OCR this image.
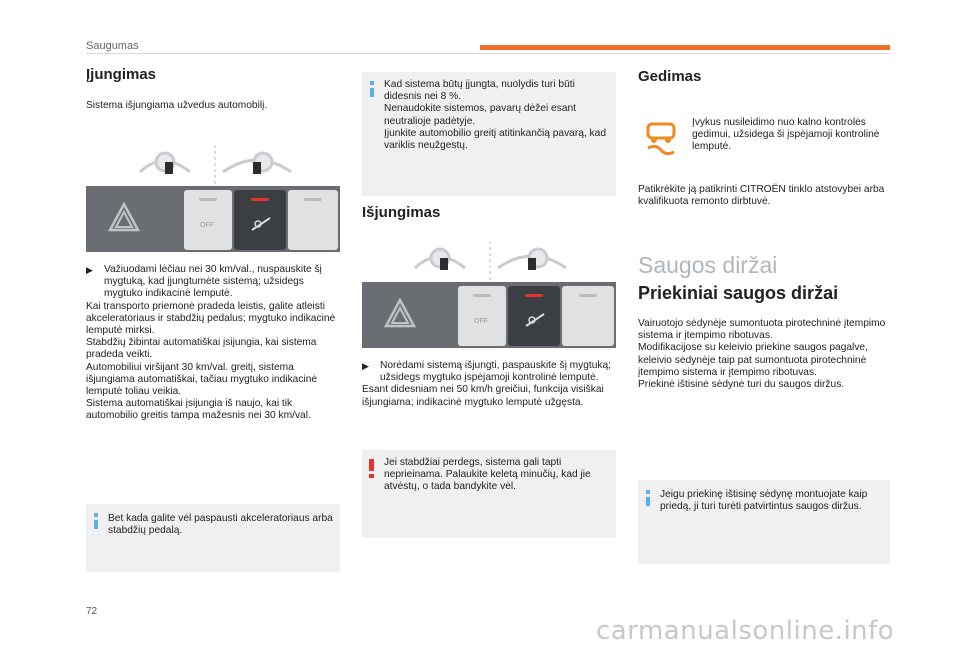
Saugumas
Įjungimas

Sistema išjungiama užvedus automobilį.

OFF

▶ Važiuodami lėčiau nei 30 km/val., nuspauskite šį mygtuką, kad įjungtumėte sistemą; užsidegs mygtuko indikacinė lemputė.

Kai transporto priemonė pradeda leistis, galite atleisti akceleratoriaus ir stabdžių pedalus; mygtuko indikacinė lemputė mirksi.

Stabdžių žibintai automatiškai įsijungia, kai sistema pradeda veikti.

Automobiliui viršijant 30 km/val. greitį, sistema išjungiama automatiškai, tačiau mygtuko indikacinė lemputė toliau veikia.

Sistema automatiškai įsijungia iš naujo, kai tik automobilio greitis tampa mažesnis nei 30 km/val.

Bet kada galite vėl paspausti akceleratoriaus arba stabdžių pedalą.

Kad sistema būtų įjungta, nuolydis turi būti didesnis nei 8 %.

Nenaudokite sistemos, pavarų dėžei esant neutralioje padėtyje.

Įjunkite automobilio greitį atitinkančią pavarą, kad variklis neužgestų.

Išjungimas
OFF

▶ Norėdami sistemą išjungti, paspauskite šį mygtuką; užsidegs mygtuko įspėjamoji kontrolinė lemputė.

Esant didesniam nei 50 km/h greičiui, funkcija visiškai išjungiama; indikacinė mygtuko lemputė užgęsta.

Jei stabdžiai perdegs, sistema gali tapti neprieinama. Palaukite keletą minučių, kad jie atvėstų, o tada bandykite vėl.

Gedimas

Įvykus nusileidimo nuo kalno kontrolės gedimui, užsidega ši įspėjamoji kontrolinė lemputė.

Patikrėkite ją patikrinti CITROËN tinklo atstovybei arba kvalifikuota remonto dirbtuvė.

Saugos diržai
Priekiniai saugos diržai

Vairuotojo sėdynėje sumontuota pirotechninė įtempimo sistema ir įtempimo ribotuvas.

Modifikacijose su keleivio priekine saugos pagalve, keleivio sėdynėje taip pat sumontuota pirotechninė įtempimo sistema ir įtempimo ribotuvas.

Priekinė ištisinė sėdynė turi du saugos diržus.

Jeigu priekinę ištisinę sėdynę montuojate kaip priedą, ji turi turėti patvirtintus saugos diržus.

72
carmanualsonline.info
